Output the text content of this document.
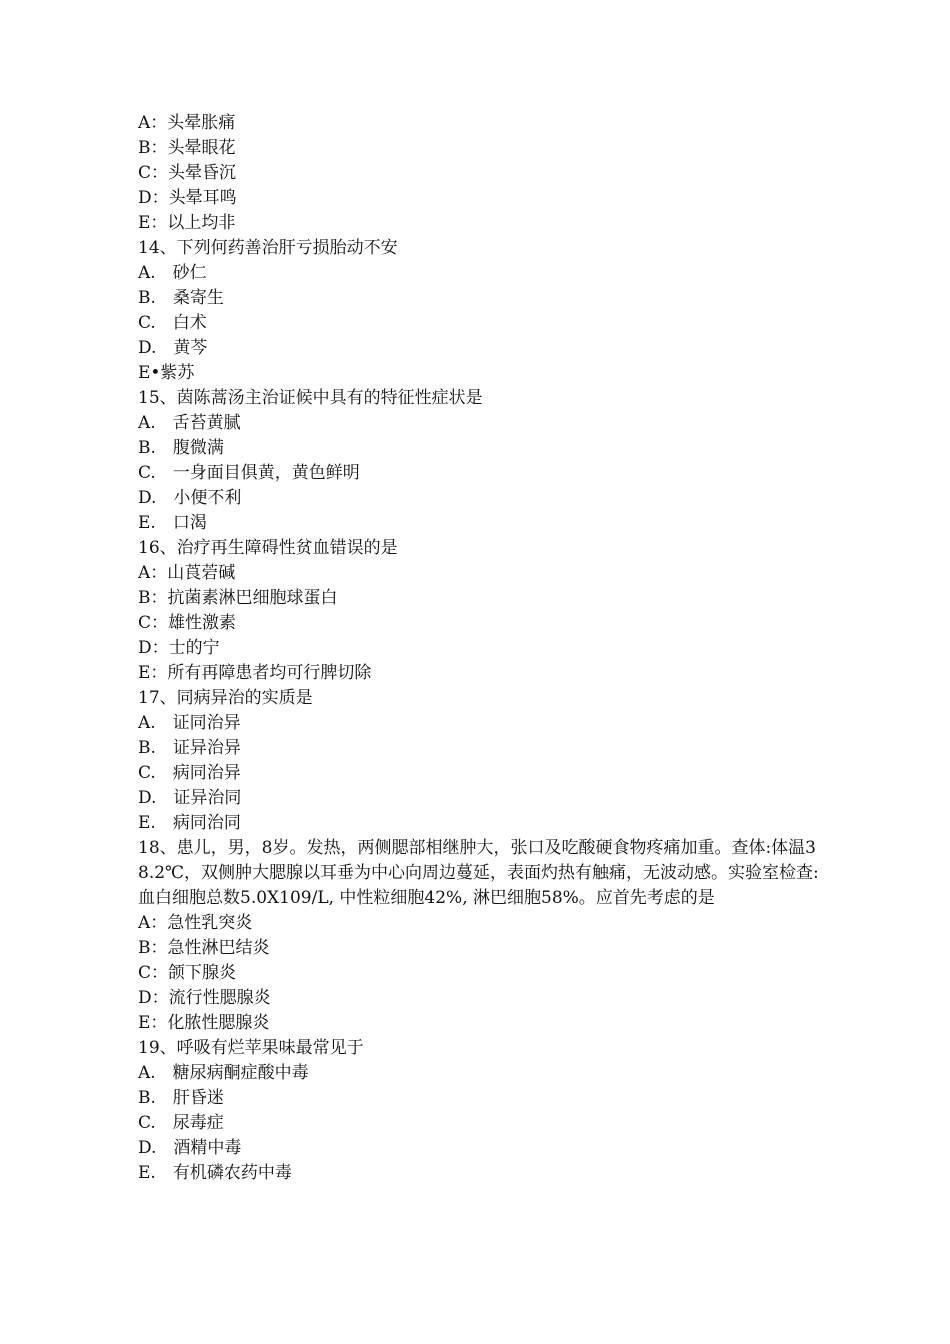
A：头晕胀痛
B：头晕眼花
C：头晕昏沉
D：头晕耳鸣
E：以上均非
14、下列何药善治肝亏损胎动不安
A.　砂仁
B.　桑寄生
C.　白术
D.　黄芩
E•紫苏
15、茵陈蒿汤主治证候中具有的特征性症状是
A.　舌苔黄腻
B.　腹微满
C.　一身面目俱黄，黄色鲜明
D.　小便不利
E.　口渴
16、治疗再生障碍性贫血错误的是
A：山莨菪碱
B：抗菌素淋巴细胞球蛋白
C：雄性激素
D：士的宁
E：所有再障患者均可行脾切除
17、同病异治的实质是
A.　证同治异
B.　证异治异
C.　病同治异
D.　证异治同
E.　病同治同
18、患儿，男，8岁。发热，两侧腮部相继肿大，张口及吃酸硬食物疼痛加重。查体:体温38.2℃，双侧肿大腮腺以耳垂为中心向周边蔓延，表面灼热有触痛，无波动感。实验室检查:血白细胞总数5.0X109/L, 中性粒细胞42%, 淋巴细胞58%。应首先考虑的是
A：急性乳突炎
B：急性淋巴结炎
C：颌下腺炎
D：流行性腮腺炎
E：化脓性腮腺炎
19、呼吸有烂苹果味最常见于
A.　糖尿病酮症酸中毒
B.　肝昏迷
C.　尿毒症
D.　酒精中毒
E.　有机磷农药中毒
